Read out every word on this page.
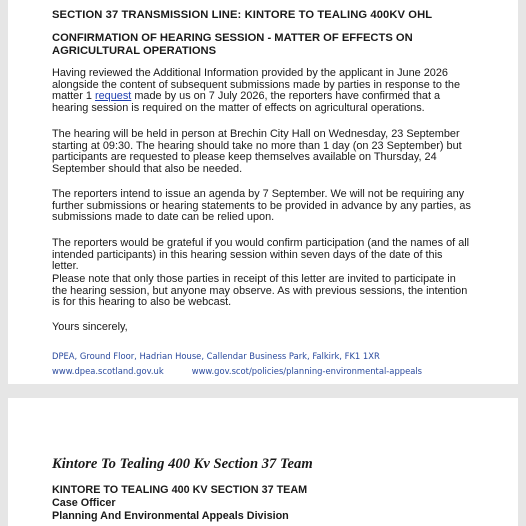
SECTION 37 TRANSMISSION LINE: KINTORE TO TEALING 400KV OHL
CONFIRMATION OF HEARING SESSION - MATTER OF EFFECTS ON
AGRICULTURAL OPERATIONS
Having reviewed the Additional Information provided by the applicant in June 2026 alongside the content of subsequent submissions made by parties in response to the matter 1 request made by us on 7 July 2026, the reporters have confirmed that a hearing session is required on the matter of effects on agricultural operations.
The hearing will be held in person at Brechin City Hall on Wednesday, 23 September starting at 09:30. The hearing should take no more than 1 day (on 23 September) but participants are requested to please keep themselves available on Thursday, 24 September should that also be needed.
The reporters intend to issue an agenda by 7 September. We will not be requiring any further submissions or hearing statements to be provided in advance by any parties, as submissions made to date can be relied upon.
The reporters would be grateful if you would confirm participation (and the names of all intended participants) in this hearing session within seven days of the date of this letter.
Please note that only those parties in receipt of this letter are invited to participate in the hearing session, but anyone may observe. As with previous sessions, the intention is for this hearing to also be webcast.
Yours sincerely,
DPEA, Ground Floor, Hadrian House, Callendar Business Park, Falkirk, FK1 1XR
www.dpea.scotland.gov.uk	www.gov.scot/policies/planning-environmental-appeals
Kintore To Tealing 400 Kv Section 37 Team
KINTORE TO TEALING 400 KV SECTION 37 TEAM
Case Officer
Planning And Environmental Appeals Division
